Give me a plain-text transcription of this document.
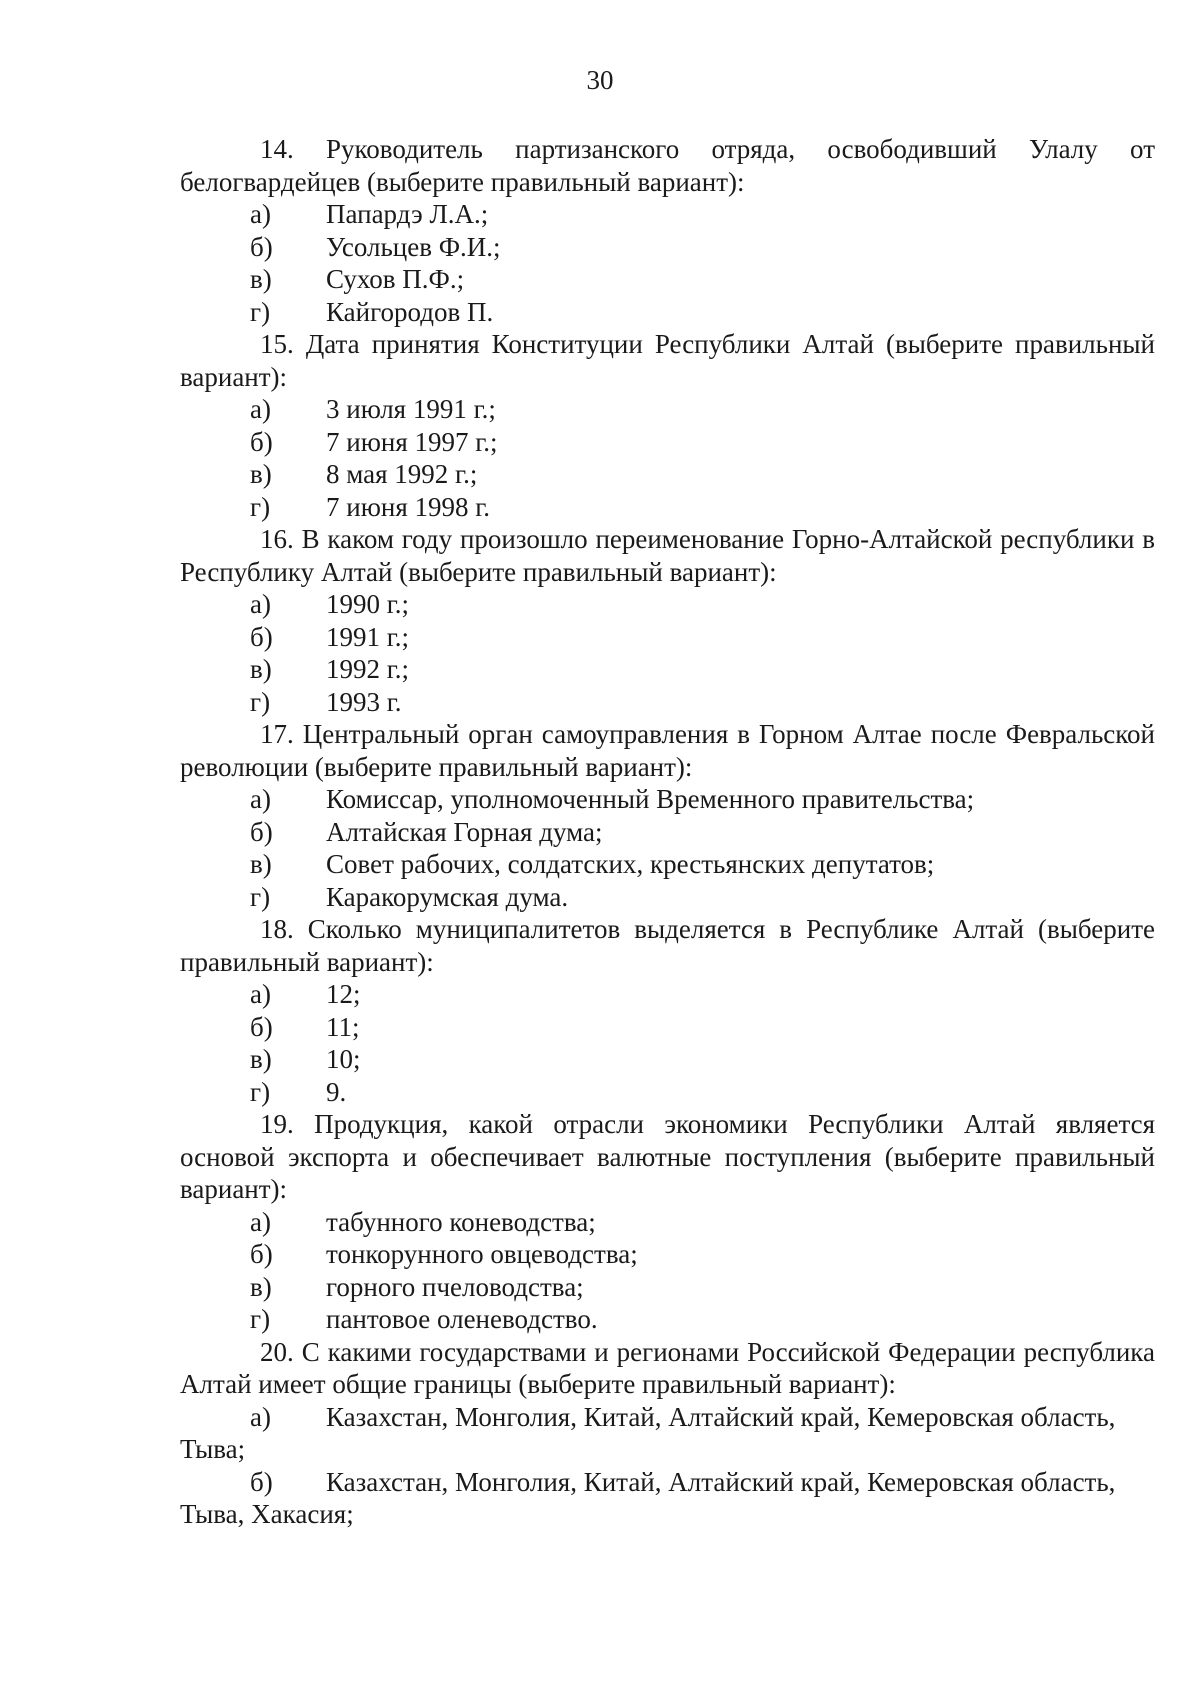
30

14. Руководитель партизанского отряда, освободивший Улалу от белогвардейцев (выберите правильный вариант):

а) Папардэ Л.А.;

б) Усольцев Ф.И.;

в) Сухов П.Ф.;

г) Кайгородов П.

15. Дата принятия Конституции Республики Алтай (выберите правильный вариант):

а) 3 июля 1991 г.;

б) 7 июня 1997 г.;

в) 8 мая 1992 г.;

г) 7 июня 1998 г.

16. В каком году произошло переименование Горно-Алтайской республики в Республику Алтай (выберите правильный вариант):

а) 1990 г.;

б) 1991 г.;

в) 1992 г.;

г) 1993 г.

17. Центральный орган самоуправления в Горном Алтае после Февральской революции (выберите правильный вариант):

а) Комиссар, уполномоченный Временного правительства;

б) Алтайская Горная дума;

в) Совет рабочих, солдатских, крестьянских депутатов;

г) Каракорумская дума.

18. Сколько муниципалитетов выделяется в Республике Алтай (выберите правильный вариант):

а) 12;

б) 11;

в) 10;

г) 9.

19. Продукция, какой отрасли экономики Республики Алтай является основой экспорта и обеспечивает валютные поступления (выберите правильный вариант):

а) табунного коневодства;

б) тонкорунного овцеводства;

в) горного пчеловодства;

г) пантовое оленеводство.

20. С какими государствами и регионами Российской Федерации республика Алтай имеет общие границы (выберите правильный вариант):

а) Казахстан, Монголия, Китай, Алтайский край, Кемеровская область, Тыва;

б) Казахстан, Монголия, Китай, Алтайский край, Кемеровская область, Тыва, Хакасия;
